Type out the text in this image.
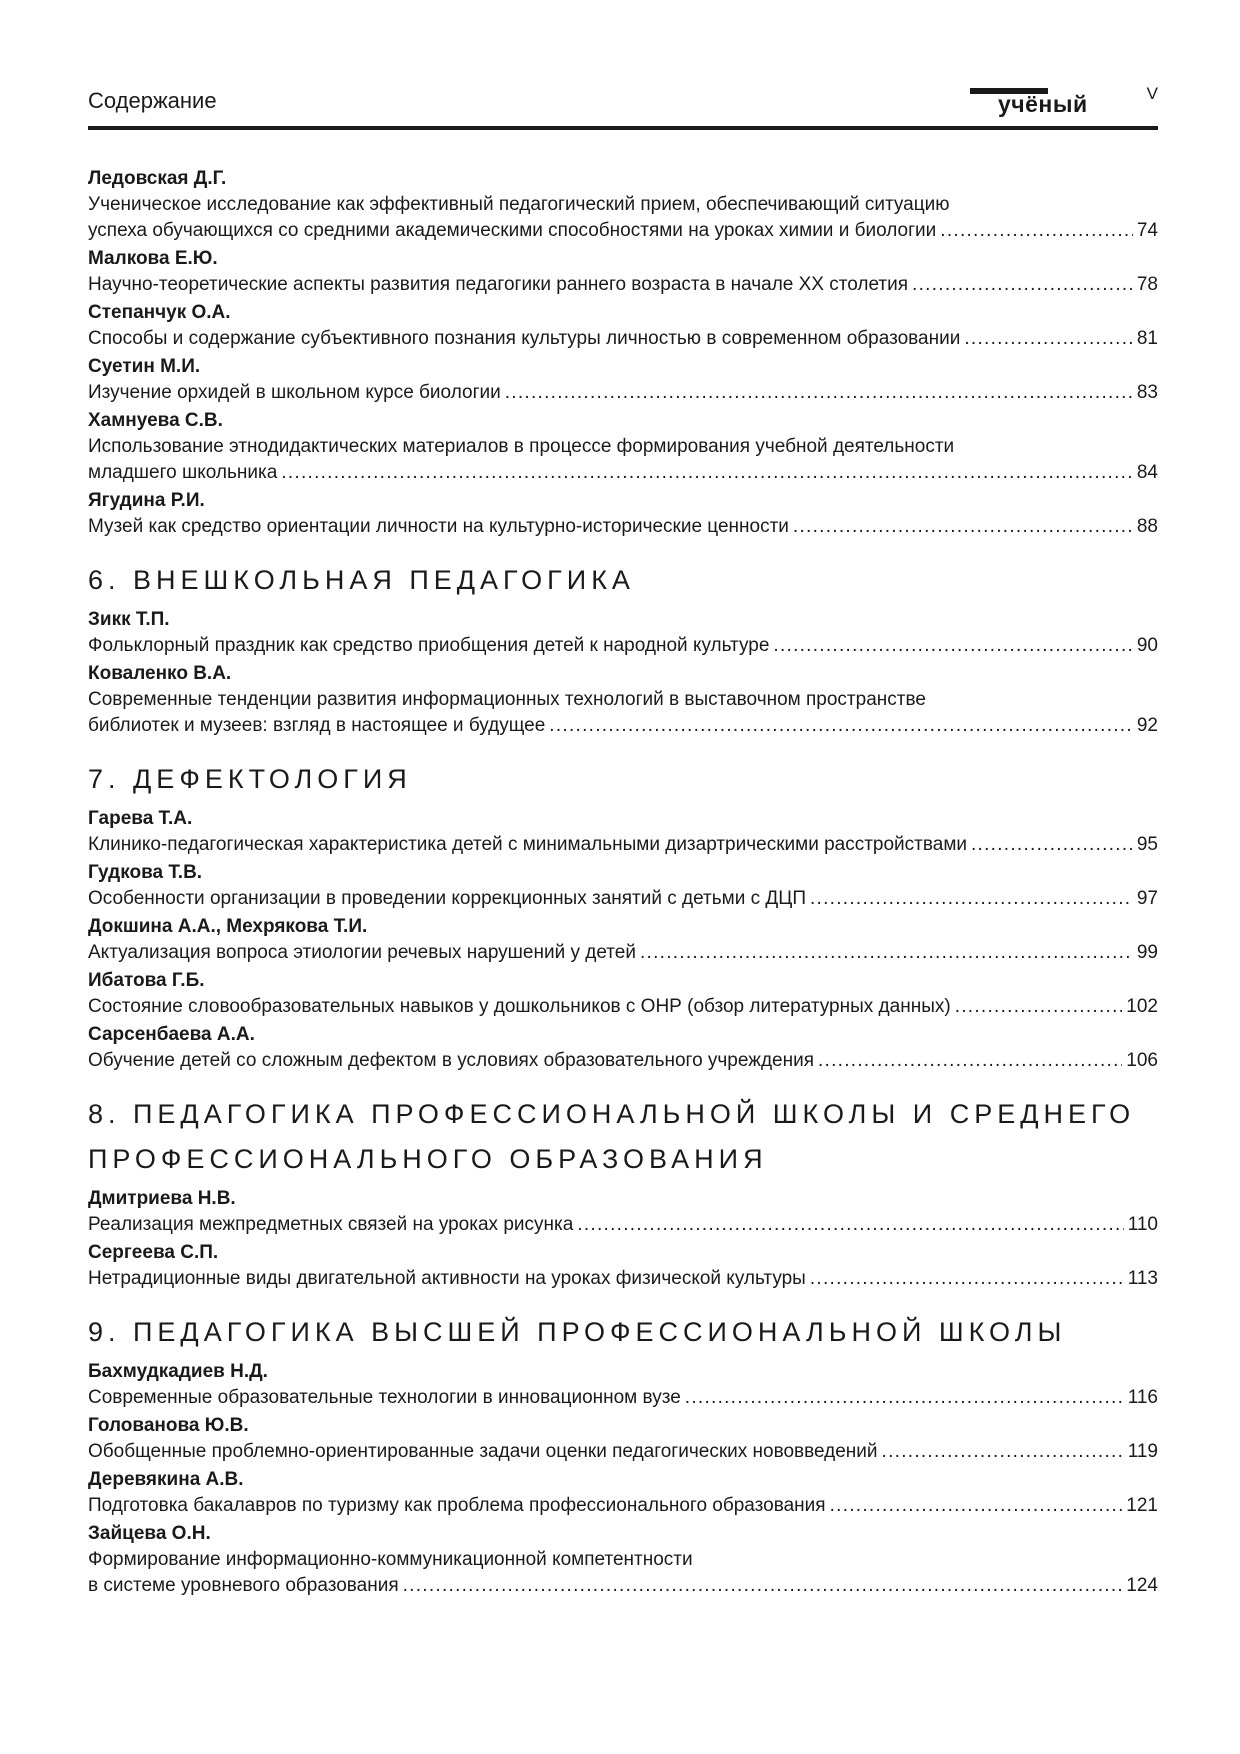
Содержание	учёный	V
Ледовская Д.Г.
Ученическое исследование как эффективный педагогический прием, обеспечивающий ситуацию
успеха обучающихся со средними академическими способностями на уроках химии и биологии . . .	74
Малкова Е.Ю.
Научно-теоретические аспекты развития педагогики раннего возраста в начале XX столетия . . .	78
Степанчук О.А.
Способы и содержание субъективного познания культуры личностью в современном образовании . . .	81
Суетин М.И.
Изучение орхидей в школьном курсе биологии . . .	83
Хамнуева С.В.
Использование этнодидактических материалов в процессе формирования учебной деятельности
младшего школьника . . .	84
Ягудина Р.И.
Музей как средство ориентации личности на культурно-исторические ценности . . .	88
6. ВНЕШКОЛЬНАЯ ПЕДАГОГИКА
Зикк Т.П.
Фольклорный праздник как средство приобщения детей к народной культуре . . .	90
Коваленко В.А.
Современные тенденции развития информационных технологий в выставочном пространстве
библиотек и музеев: взгляд в настоящее и будущее . . .	92
7. ДЕФЕКТОЛОГИЯ
Гарева Т.А.
Клинико-педагогическая характеристика детей с минимальными дизартрическими расстройствами . . .	95
Гудкова Т.В.
Особенности организации в проведении коррекционных занятий с детьми с ДЦП . . .	97
Докшина А.А., Мехрякова Т.И.
Актуализация вопроса этиологии речевых нарушений у детей . . .	99
Ибатова Г.Б.
Состояние словообразовательных навыков у дошкольников с ОНР (обзор литературных данных) . . .	102
Сарсенбаева А.А.
Обучение детей со сложным дефектом в условиях образовательного учреждения . . .	106
8. ПЕДАГОГИКА ПРОФЕССИОНАЛЬНОЙ ШКОЛЫ И СРЕДНЕГО
ПРОФЕССИОНАЛЬНОГО ОБРАЗОВАНИЯ
Дмитриева Н.В.
Реализация межпредметных связей на уроках рисунка . . .	110
Сергеева С.П.
Нетрадиционные виды двигательной активности на уроках физической культуры . . .	113
9. ПЕДАГОГИКА ВЫСШЕЙ ПРОФЕССИОНАЛЬНОЙ ШКОЛЫ
Бахмудкадиев Н.Д.
Современные образовательные технологии в инновационном вузе . . .	116
Голованова Ю.В.
Обобщенные проблемно-ориентированные задачи оценки педагогических нововведений . . .	119
Деревякина А.В.
Подготовка бакалавров по туризму как проблема профессионального образования . . .	121
Зайцева О.Н.
Формирование информационно-коммуникационной компетентности
в системе уровневого образования . . .	124
